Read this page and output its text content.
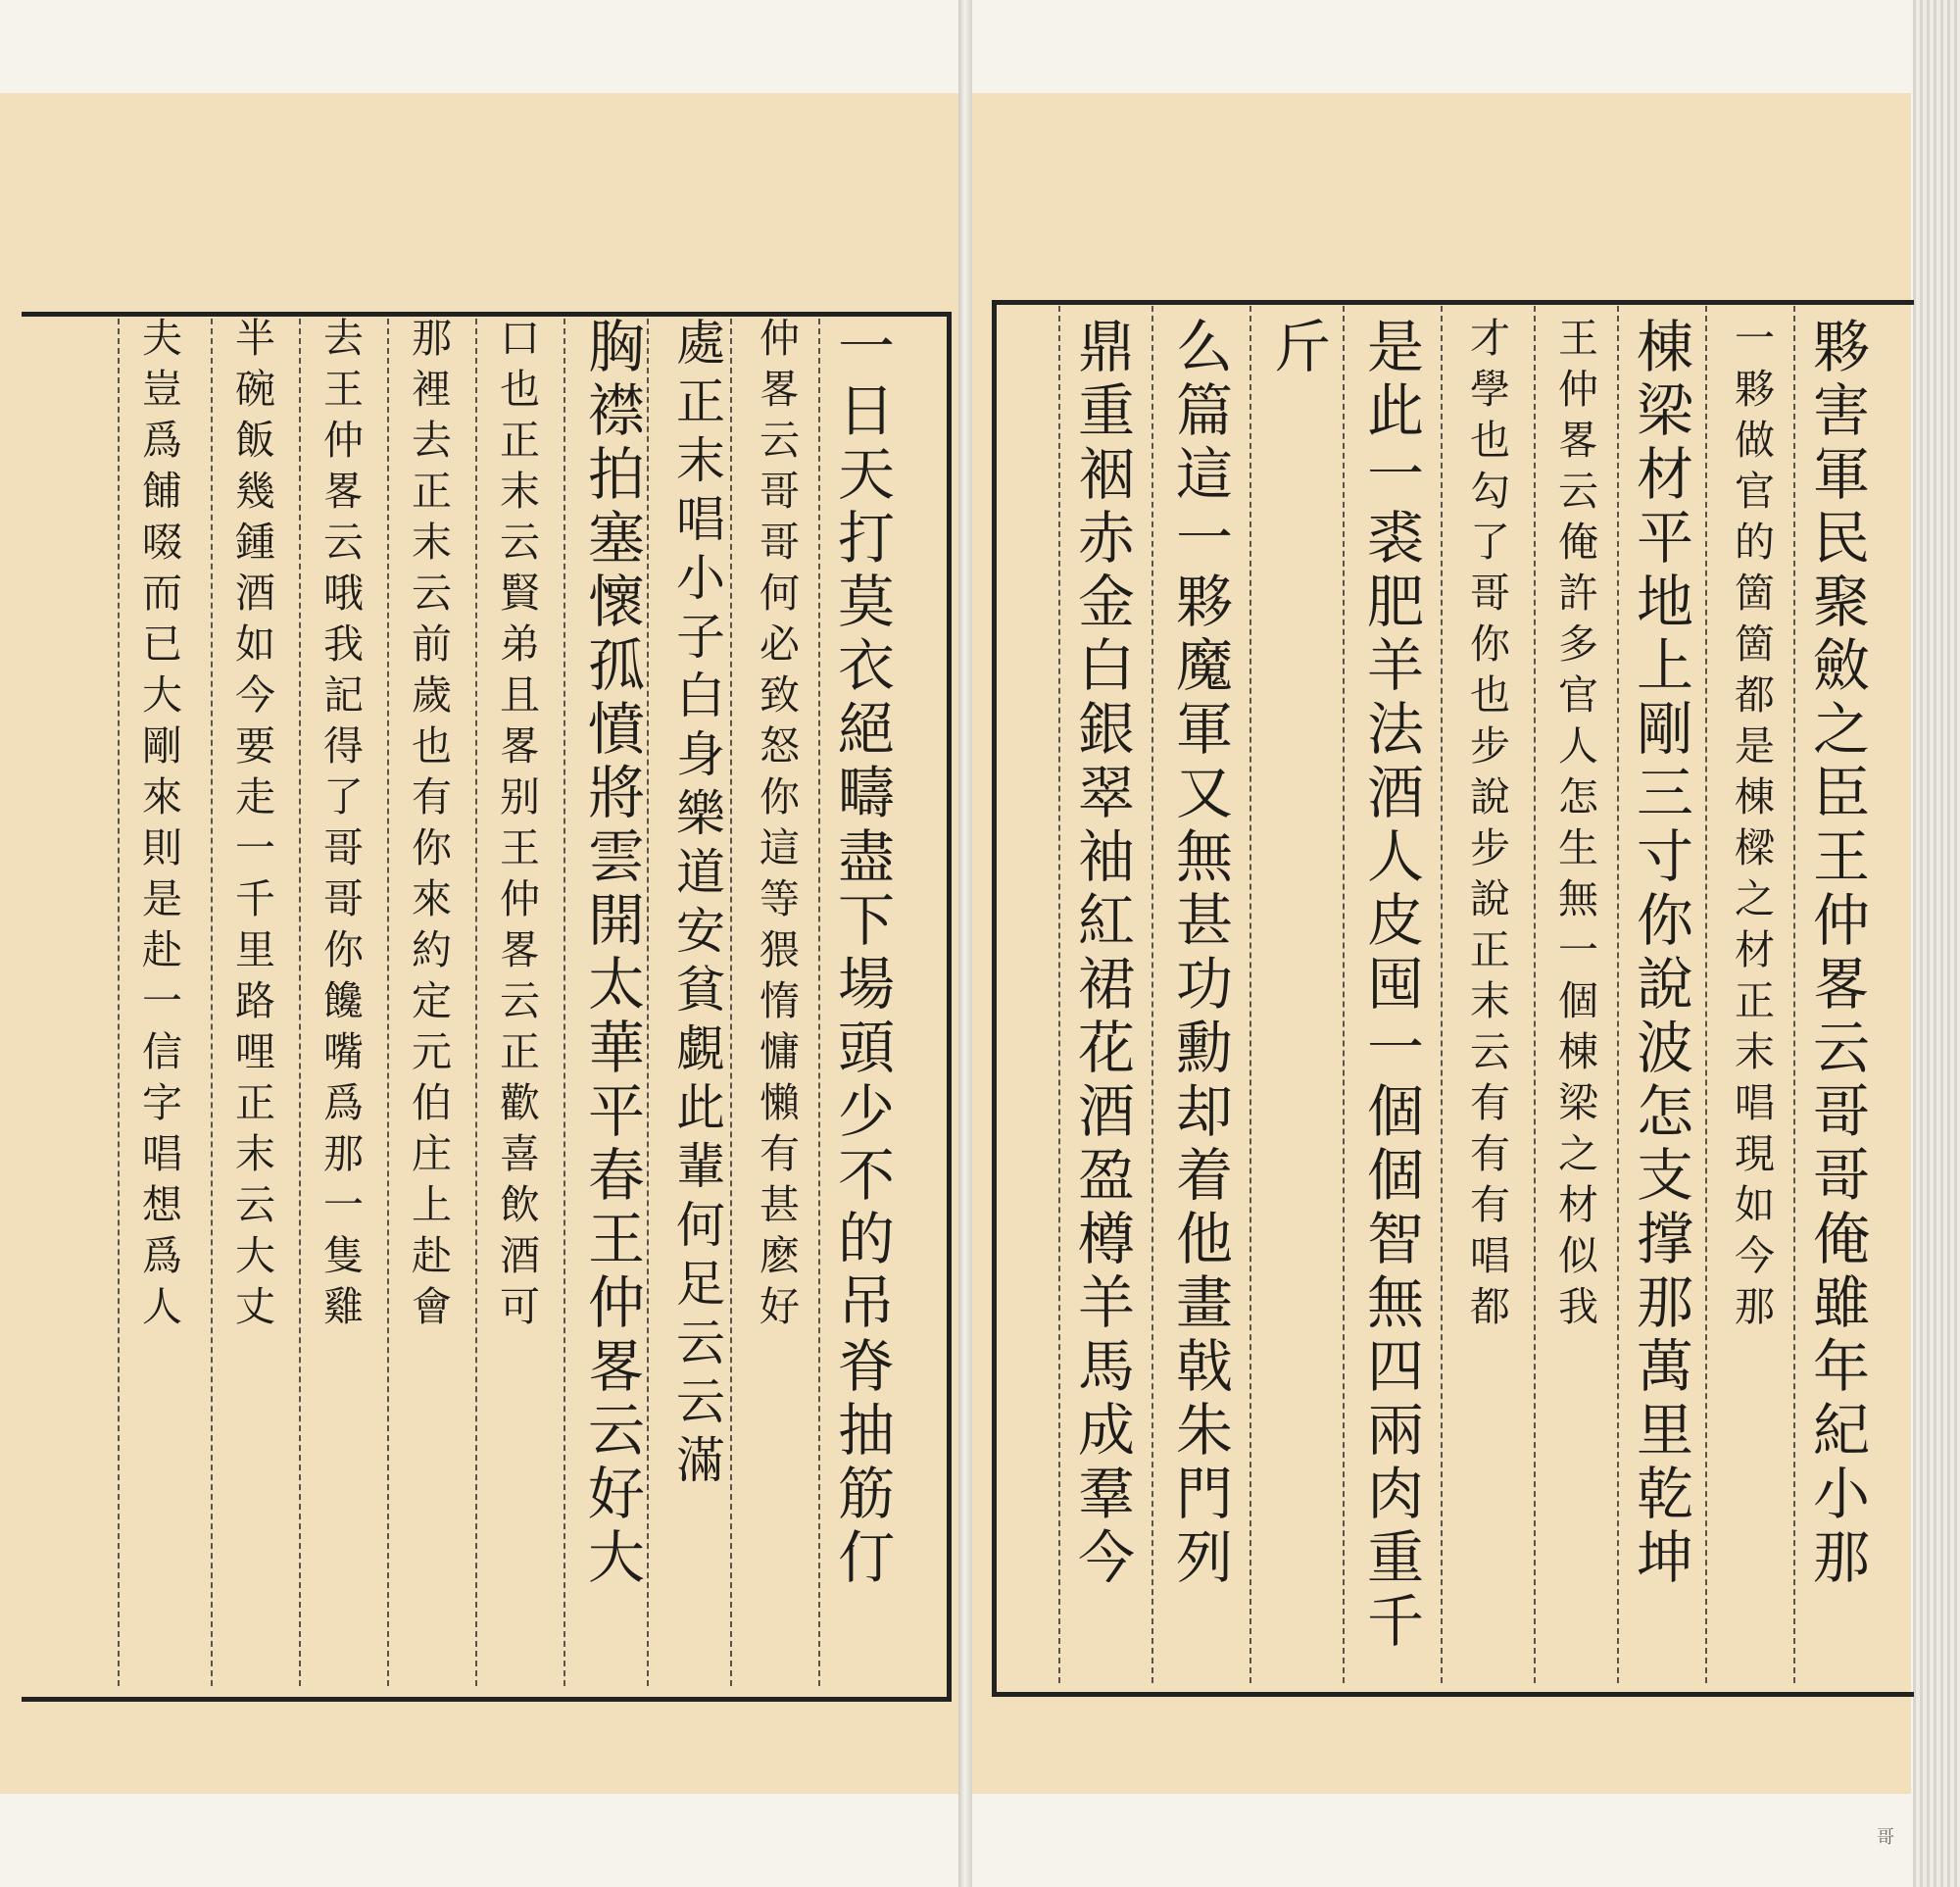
一
日
天
打
莫
衣
絕
疇
盡
下
場
頭
少
不
的
吊
脊
抽
筋
仃
仲
畧
云
哥
哥
何
必
致
怒
你
這
等
猥
惰
慵
懶
有
甚
麽
好
處
正
末
唱
小
子
白
身
樂
道
安
貧
覷
此
輩
何
足
云
云
滿
胸
襟
拍
塞
懷
孤
憤
將
雲
開
太
華
平
春
王
仲
畧
云
好
大
口
也
正
末
云
賢
弟
且
畧
别
王
仲
畧
云
正
歡
喜
飲
酒
可
那
裡
去
正
末
云
前
歲
也
有
你
來
約
定
元
伯
庄
上
赴
會
去
王
仲
畧
云
哦
我
記
得
了
哥
哥
你
饞
嘴
爲
那
一
隻
雞
半
碗
飯
幾
鍾
酒
如
今
要
走
一
千
里
路
哩
正
末
云
大
丈
夫
豈
爲
餔
啜
而
已
大
剛
來
則
是
赴
一
信
字
唱
想
爲
人
夥
害
軍
民
聚
斂
之
臣
王
仲
畧
云
哥
哥
俺
雖
年
紀
小
那
一
夥
做
官
的
箇
箇
都
是
棟
樑
之
材
正
末
唱
現
如
今
那
棟
梁
材
平
地
上
剛
三
寸
你
說
波
怎
支
撑
那
萬
里
乾
坤
王
仲
畧
云
俺
許
多
官
人
怎
生
無
一
個
棟
梁
之
材
似
我
才
學
也
勾
了
哥
你
也
步
說
步
說
正
末
云
有
有
有
唱
都
是
此
一
裘
肥
羊
法
酒
人
皮
囤
一
個
個
智
無
四
兩
肉
重
千
斤
么
篇
這
一
夥
魔
軍
又
無
甚
功
勳
却
着
他
畫
戟
朱
門
列
鼎
重
裀
赤
金
白
銀
翠
袖
紅
裙
花
酒
盈
樽
羊
馬
成
羣
今
哥
